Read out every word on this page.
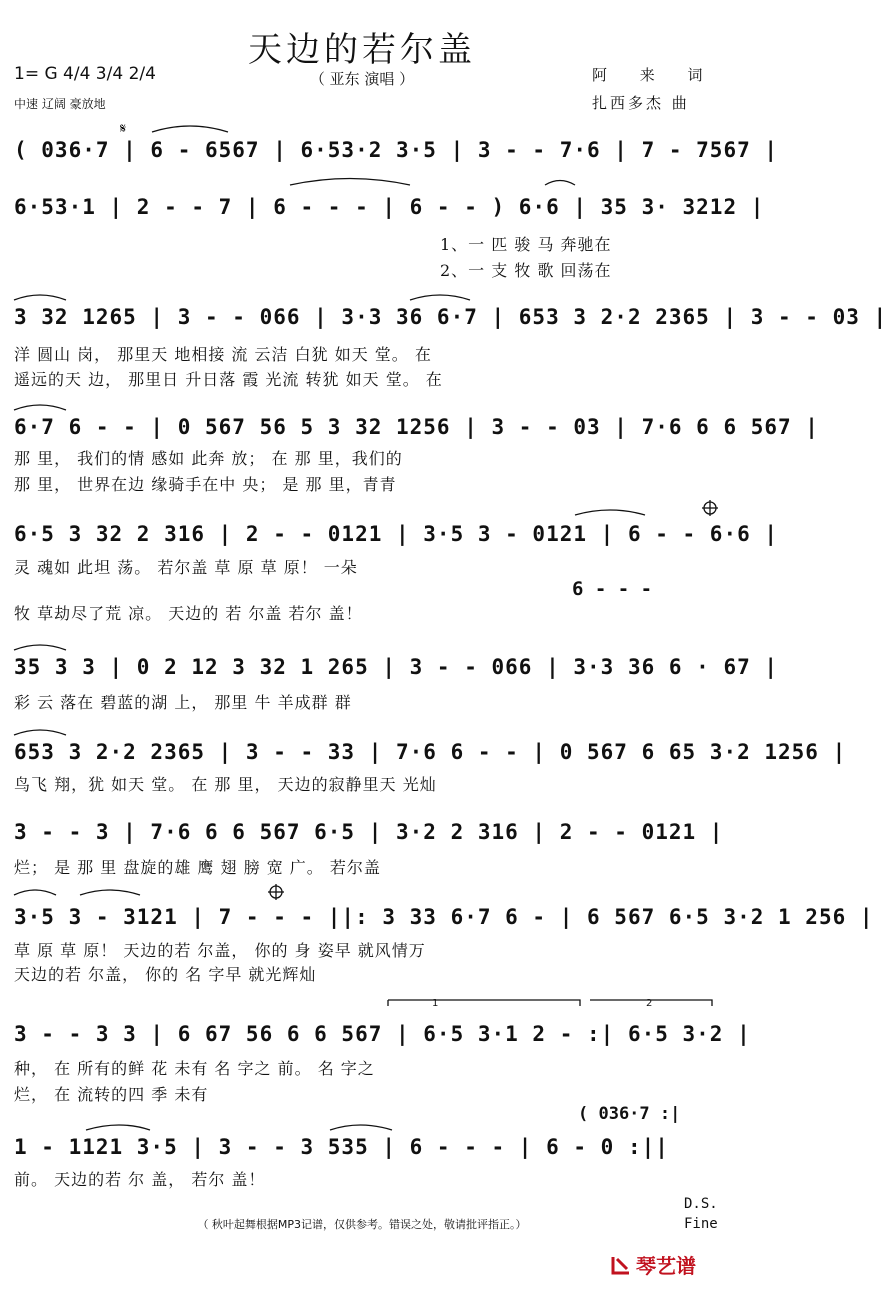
天边的若尔盖
（ 亚东 演唱 ）
1= G 4/4 3/4 2/4
中速 辽阔 豪放地
阿 来 词
扎西多杰 曲
( 036·7 | 6 - 6567 | 6·53·2 3·5 | 3 - - 7·6 | 7 - 7567 |
6·53·1 | 2 - - 7 | 6 - - - | 6 - - ) 6·6 | 35 3· 3212 |
1、一 匹 骏 马 奔驰在
2、一 支 牧 歌 回荡在
3 32 1265 | 3 - - 066 | 3·3 36 6·7 | 653 3 2·2 2365 | 3 - - 03 |
洋 圆山 岗， 那里天 地相接 流 云洁 白犹 如天 堂。 在
遥远的天 边， 那里日 升日落 霞 光流 转犹 如天 堂。 在
6·7 6 - - | 0 567 56 5 3 32 1256 | 3 - - 03 | 7·6 6 6 567 |
那 里， 我们的情 感如 此奔 放； 在 那 里，我们的
那 里， 世界在边 缘骑手在中 央； 是 那 里，青青
6·5 3 32 2 316 | 2 - - 0121 | 3·5 3 - 0121 | 6 - - 6·6 |
灵 魂如 此坦 荡。 若尔盖 草 原 草 原！ 一朵
6 - - -
牧 草劫尽了荒 凉。 天边的 若 尔盖 若尔 盖！
35 3 3 | 0 2 12 3 32 1 265 | 3 - - 066 | 3·3 36 6 · 67 |
彩 云 落在 碧蓝的湖 上， 那里 牛 羊成群 群
653 3 2·2 2365 | 3 - - 33 | 7·6 6 - - | 0 567 6 65 3·2 1256 |
鸟飞 翔，犹 如天 堂。 在 那 里， 天边的寂静里天 光灿
3 - - 3 | 7·6 6 6 567 6·5 | 3·2 2 316 | 2 - - 0121 |
烂； 是 那 里 盘旋的雄 鹰 翅 膀 宽 广。 若尔盖
3·5 3 - 3121 | 7 - - - ||: 3 33 6·7 6 - | 6 567 6·5 3·2 1 256 |
草 原 草 原！ 天边的若 尔盖， 你的 身 姿早 就风情万
天边的若 尔盖， 你的 名 字早 就光辉灿
1	2
3 - - 3 3 | 6 67 56 6 6 567 | 6·5 3·1 2 - :| 6·5 3·2 |
种， 在 所有的鲜 花 未有 名 字之 前。 名 字之
烂， 在 流转的四 季 未有
( 036·7 :|
1 - 1121 3·5 | 3 - - 3 535 | 6 - - - | 6 - 0 :||
前。 天边的若 尔 盖， 若尔 盖！
D.S.
Fine
（ 秋叶起舞根据MP3记谱，仅供参考。错误之处，敬请批评指正。）
𝄋
琴艺谱
